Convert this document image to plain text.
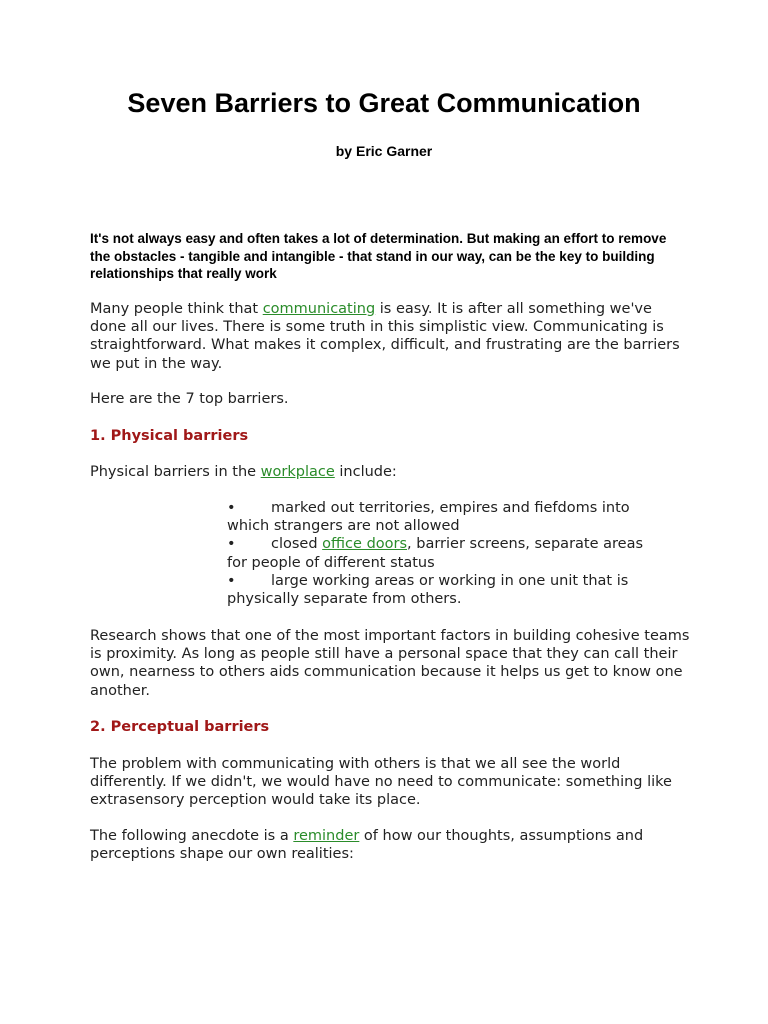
Seven Barriers to Great Communication

by Eric Garner

It's not always easy and often takes a lot of determination. But making an effort to remove the obstacles - tangible and intangible - that stand in our way, can be the key to building relationships that really work

Many people think that communicating is easy. It is after all something we've done all our lives. There is some truth in this simplistic view. Communicating is straightforward. What makes it complex, difficult, and frustrating are the barriers we put in the way.

Here are the 7 top barriers.

1. Physical barriers

Physical barriers in the workplace include:

• marked out territories, empires and fiefdoms into which strangers are not allowed
• closed office doors, barrier screens, separate areas for people of different status
• large working areas or working in one unit that is physically separate from others.

Research shows that one of the most important factors in building cohesive teams is proximity. As long as people still have a personal space that they can call their own, nearness to others aids communication because it helps us get to know one another.

2. Perceptual barriers

The problem with communicating with others is that we all see the world differently. If we didn't, we would have no need to communicate: something like extrasensory perception would take its place.

The following anecdote is a reminder of how our thoughts, assumptions and perceptions shape our own realities:
